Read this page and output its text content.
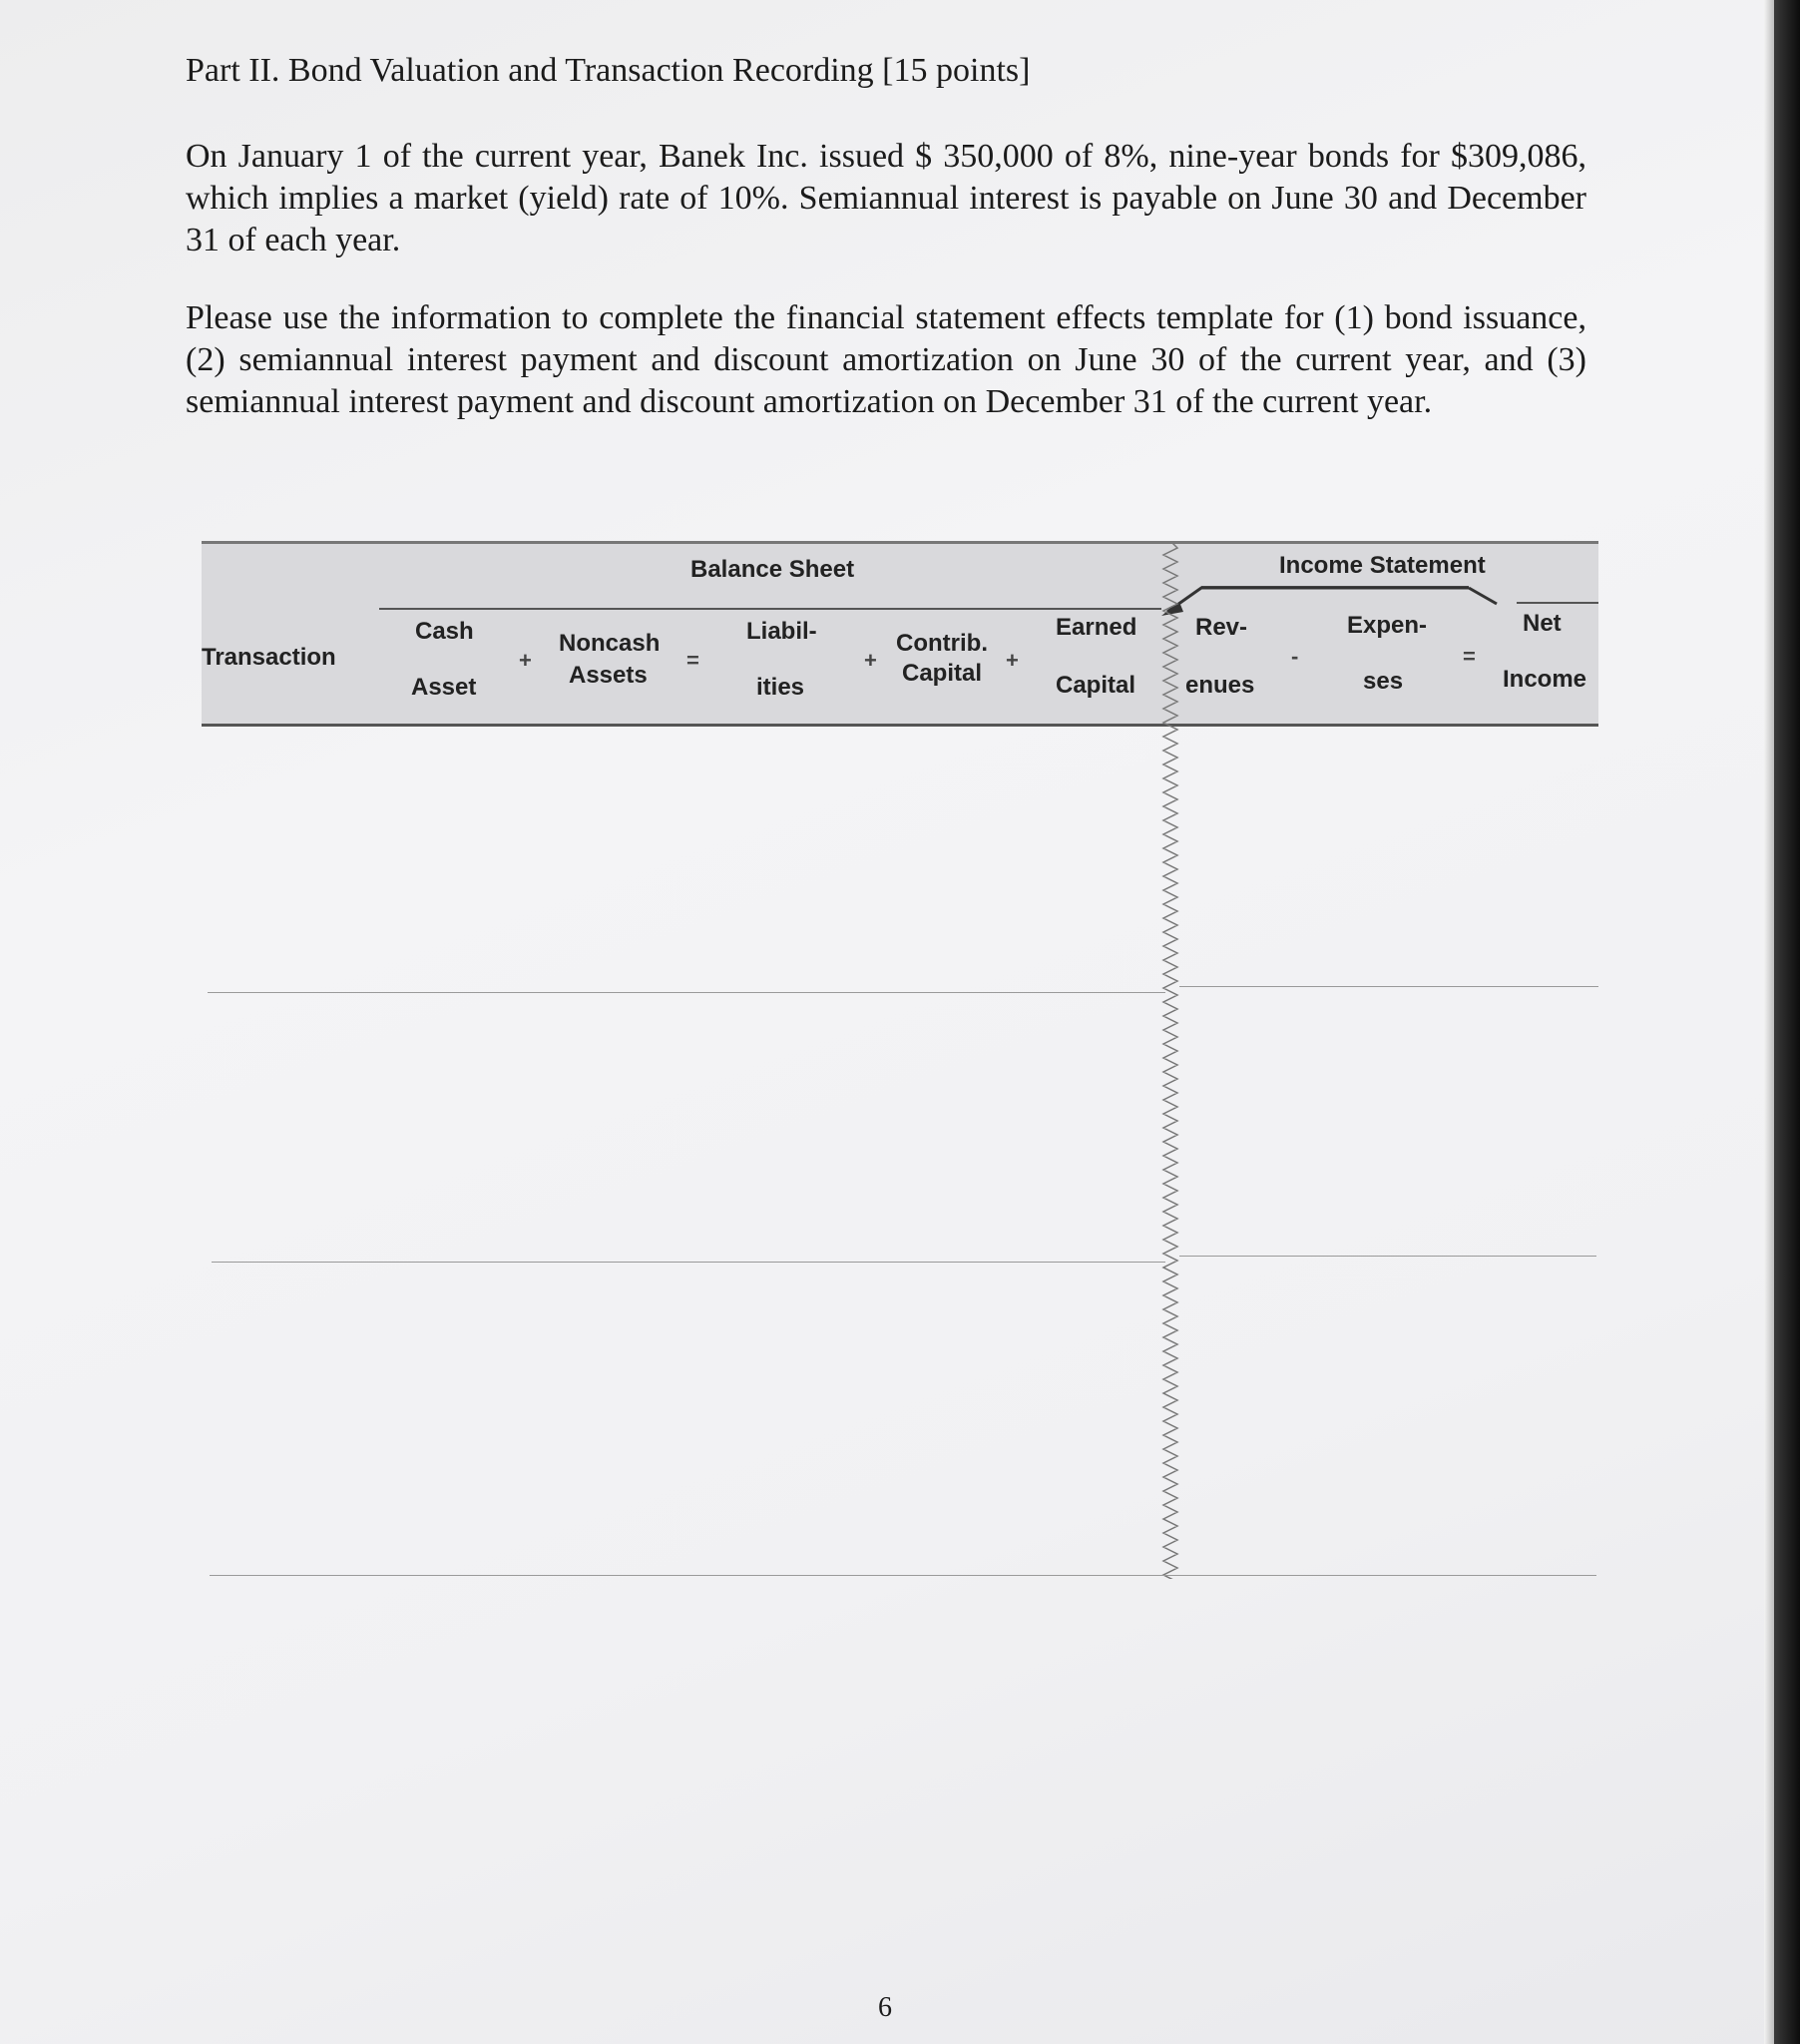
Part II. Bond Valuation and Transaction Recording [15 points]

On January 1 of the current year, Banek Inc. issued $ 350,000 of 8%, nine-year bonds for $309,086, which implies a market (yield) rate of 10%. Semiannual interest is payable on June 30 and December 31 of each year.

Please use the information to complete the financial statement effects template for (1) bond issuance, (2) semiannual interest payment and discount amortization on June 30 of the current year, and (3) semiannual interest payment and discount amortization on December 31 of the current year.

Balance Sheet	Income Statement
Transaction
Cash
Asset
+
Noncash
Assets
=
Liabil-
ities
+
Contrib.
Capital +
Earned
Capital
Rev-
enues
-
Expen-
ses
=
Net
Income
6
